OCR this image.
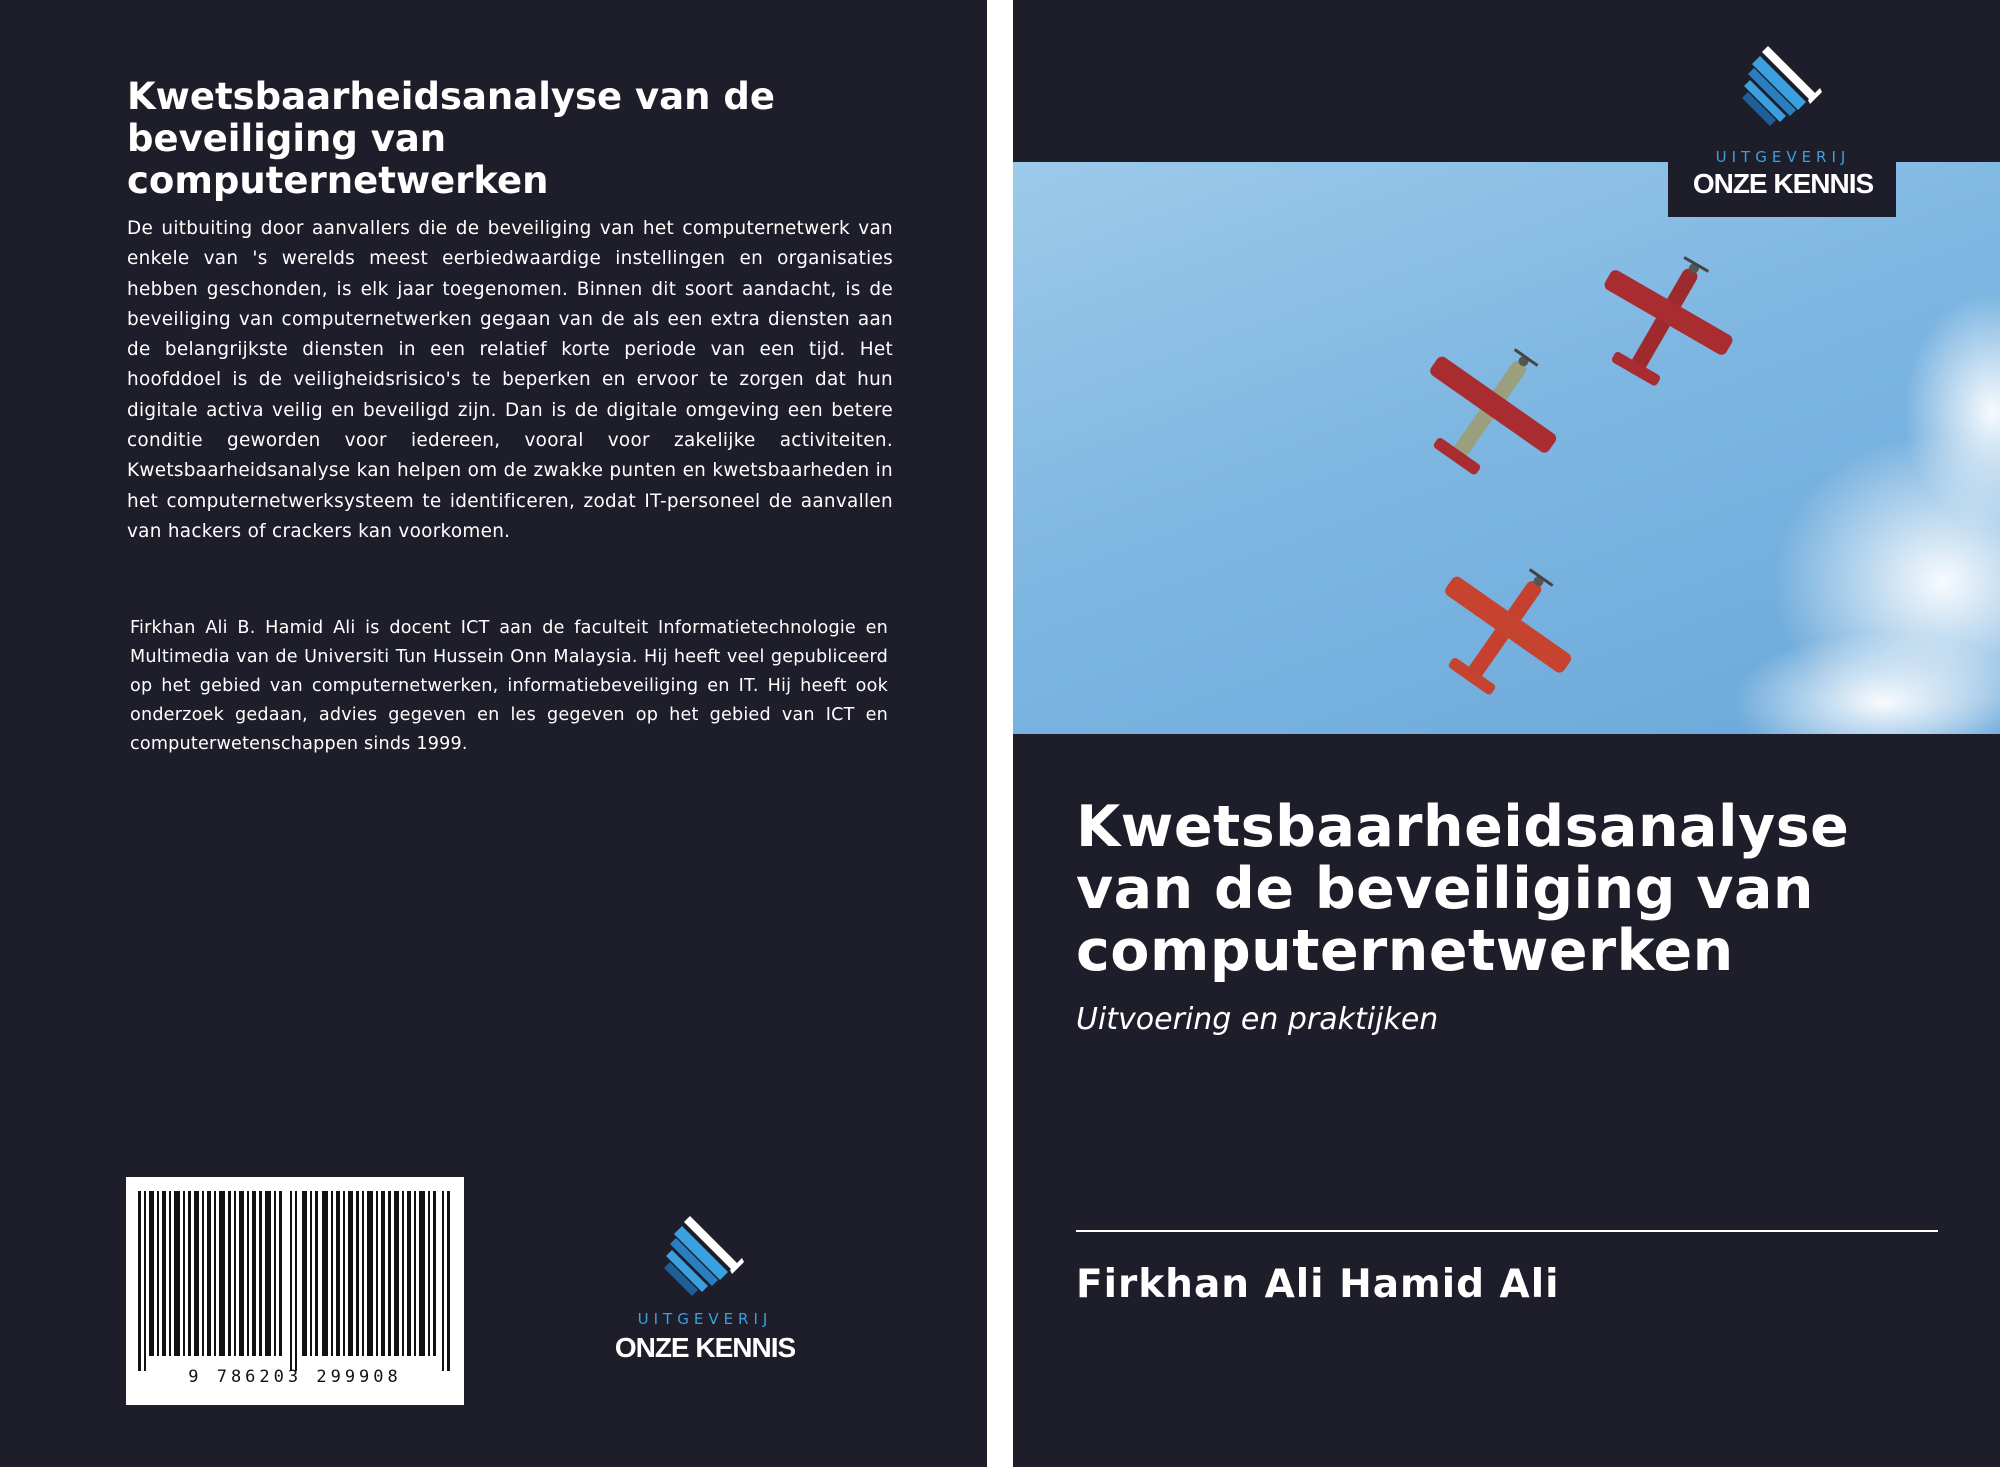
Kwetsbaarheidsanalyse van de beveiliging van computernetwerken

De uitbuiting door aanvallers die de beveiliging van het computernetwerk van enkele van 's werelds meest eerbiedwaardige instellingen en organisaties hebben geschonden, is elk jaar toegenomen. Binnen dit soort aandacht, is de beveiliging van computernetwerken gegaan van de als een extra diensten aan de belangrijkste diensten in een relatief korte periode van een tijd. Het hoofddoel is de veiligheidsrisico's te beperken en ervoor te zorgen dat hun digitale activa veilig en beveiligd zijn. Dan is de digitale omgeving een betere conditie geworden voor iedereen, vooral voor zakelijke activiteiten. Kwetsbaarheidsanalyse kan helpen om de zwakke punten en kwetsbaarheden in het computernetwerksysteem te identificeren, zodat IT-personeel de aanvallen van hackers of crackers kan voorkomen.

Firkhan Ali B. Hamid Ali is docent ICT aan de faculteit Informatietechnologie en Multimedia van de Universiti Tun Hussein Onn Malaysia. Hij heeft veel gepubliceerd op het gebied van computernetwerken, informatiebeveiliging en IT. Hij heeft ook onderzoek gedaan, advies gegeven en les gegeven op het gebied van ICT en computerwetenschappen sinds 1999.

9 786203 299908
UITGEVERIJ
ONZE KENNIS
UITGEVERIJ
ONZE KENNIS
Kwetsbaarheidsanalyse van de beveiliging van computernetwerken

Uitvoering en praktijken

Firkhan Ali Hamid Ali
